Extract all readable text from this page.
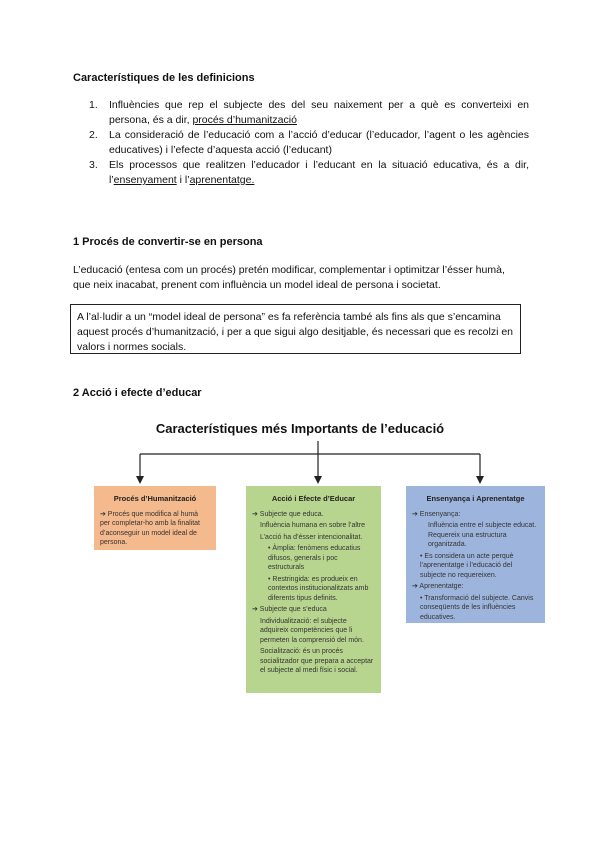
Característiques de les definicions
1. Influències que rep el subjecte des del seu naixement per a què es converteixi en persona, és a dir, procés d’humanització
2. La consideració de l’educació com a l’acció d’educar (l’educador, l’agent o les agències educatives) i l’efecte d’aquesta acció (l’educant)
3. Els processos que realitzen l’educador i l’educant en la situació educativa, és a dir, l’ensenyament i l’aprenentatge.
1 Procés de convertir-se en persona
L’educació (entesa com un procés) pretén modificar, complementar i optimitzar l’ésser humà, que neix inacabat, prenent com influència un model ideal de persona i societat.
A l’al·ludir a un “model ideal de persona” es fa referència també als fins als que s’encamina aquest procés d’humanització, i per a que sigui algo desitjable, és necessari que es recolzi en valors i normes socials.
2 Acció i efecte d’educar
Característiques més Importants de l’educació
Procés d’Humanització
➔ Procés que modifica al humà per completar-ho amb la finalitat d’aconseguir un model ideal de persona.
Acció i Efecte d’Educar
➔ Subjecte que educa.
Influència humana en sobre l’altre
L’acció ha d’ésser intencionalitat.
• Àmplia: fenòmens educatius difusos, generals i poc estructurals
• Restringida: es produeix en contextos institucionalitzats amb diferents tipus definits.
➔ Subjecte que s’educa
Individualització: el subjecte adquireix competències que li permeten la comprensió del món.
Socialització: és un procés socialitzador que prepara a acceptar el subjecte al medi físic i social.
Ensenyança i Aprenentatge
➔ Ensenyança:
Influència entre el subjecte educat. Requereix una estructura organitzada.
• Es considera un acte perquè l’aprenentatge i l’educació del subjecte no requereixen.
➔ Aprenentatge:
• Transformació del subjecte. Canvis conseqüents de les influències educatives.
